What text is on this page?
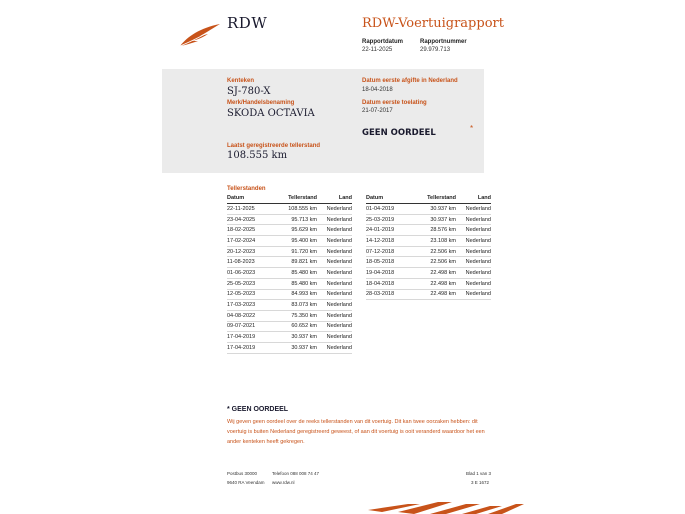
RDW	RDW-Voertuigrapport
Rapportdatum
22-11-2025
Rapportnummer
29.979.713
Kenteken
SJ-780-X
Merk/Handelsbenaming
SKODA OCTAVIA
Laatst geregistreerde tellerstand
108.555 km
Datum eerste afgifte in Nederland
18-04-2018
Datum eerste toelating
21-07-2017
GEEN OORDEEL	*
Tellerstanden
Datum	Tellerstand	Land
22-11-2025	108.555 km	Nederland
23-04-2025	95.713 km	Nederland
18-02-2025	95.629 km	Nederland
17-02-2024	95.400 km	Nederland
20-12-2023	91.720 km	Nederland
11-08-2023	89.821 km	Nederland
01-06-2023	85.480 km	Nederland
25-05-2023	85.480 km	Nederland
12-05-2023	84.993 km	Nederland
17-03-2023	83.073 km	Nederland
04-08-2022	75.350 km	Nederland
09-07-2021	60.652 km	Nederland
17-04-2019	30.937 km	Nederland
17-04-2019	30.937 km	Nederland
Datum	Tellerstand	Land
01-04-2019	30.937 km	Nederland
25-03-2019	30.937 km	Nederland
24-01-2019	28.576 km	Nederland
14-12-2018	23.108 km	Nederland
07-12-2018	22.506 km	Nederland
18-05-2018	22.506 km	Nederland
19-04-2018	22.498 km	Nederland
18-04-2018	22.498 km	Nederland
28-03-2018	22.498 km	Nederland
* GEEN OORDEEL
Wij geven geen oordeel over de reeks tellerstanden van dit voertuig. Dit kan twee oorzaken hebben: dit voertuig is buiten Nederland geregistreerd geweest, of aan dit voertuig is ooit veranderd waardoor het een ander kenteken heeft gekregen.
Postbus 30000
9640 RA Veendam
Telefoon 088 008 74 47
www.rdw.nl
Blad 1 van 3
3 E 1672
